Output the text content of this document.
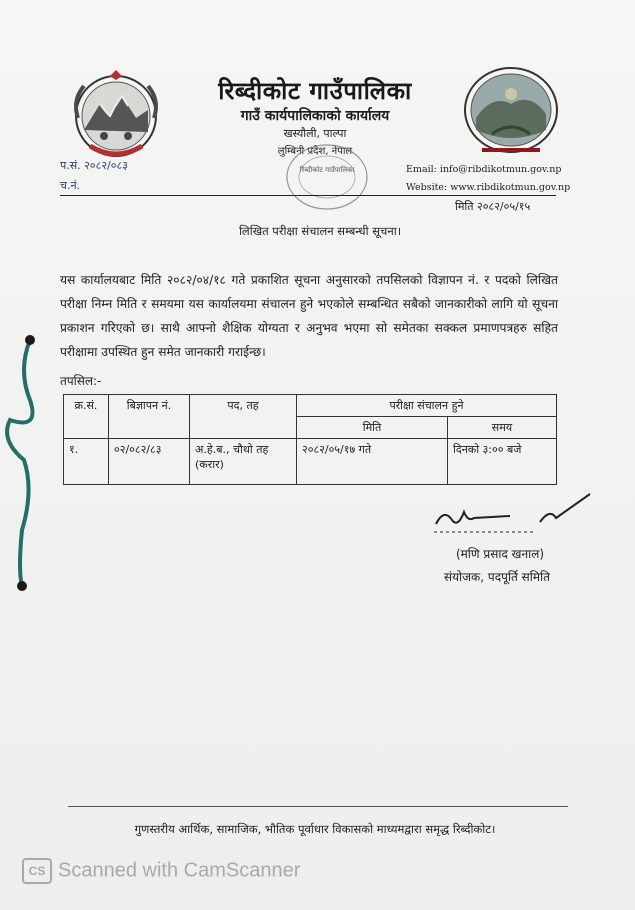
रिब्दीकोट गाउँपालिका
गाउँ कार्यपालिकाको कार्यालय
खस्यौली, पाल्पा
लुम्बिनी प्रदेश, नेपाल
रिब्दीकोट गाउँपालिका
प.सं. २०८२/०८३
च.नं.
Email: info@ribdikotmun.gov.np
Website: www.ribdikotmun.gov.np
मिति २०८२/०५/१५
लिखित परीक्षा संचालन सम्बन्धी सूचना।
यस कार्यालयबाट मिति २०८२/०४/१८ गते प्रकाशित सूचना अनुसारको तपसिलको विज्ञापन नं. र पदको लिखित परीक्षा निम्न मिति र समयमा यस कार्यालयमा संचालन हुने भएकोले सम्बन्धित सबैको जानकारीको लागि यो सूचना प्रकाशन गरिएको छ। साथै आफ्नो शैक्षिक योग्यता र अनुभव भएमा सो समेतका सक्कल प्रमाणपत्रहरु सहित परीक्षामा उपस्थित हुन समेत जानकारी गराईन्छ।
तपसिल:-
क्र.सं.	बिज्ञापन नं.	पद, तह	परीक्षा संचालन हुने	
			मिति	समय
१.	०२/०८२/८३	अ.हे.ब., चौथो तह (करार)	२०८२/०५/१७ गते	दिनको ३:०० बजे
(मणि प्रसाद खनाल)
संयोजक, पदपूर्ति समिति
गुणस्तरीय आर्थिक, सामाजिक, भौतिक पूर्वाधार विकासको माध्यमद्वारा समृद्ध रिब्दीकोट।
CS Scanned with CamScanner
